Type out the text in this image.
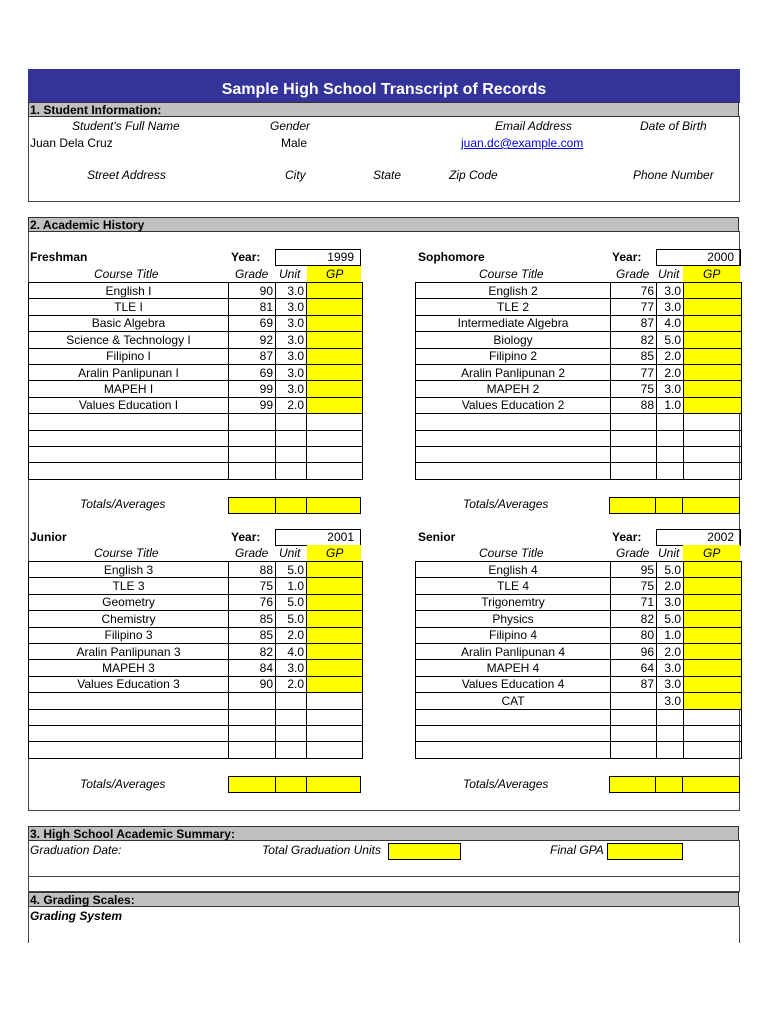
Sample High School Transcript of Records
1. Student Information:
Student's Full Name	Gender	Email Address	Date of Birth
Juan Dela Cruz	Male	juan.dc@example.com
Street Address	City	State	Zip Code	Phone Number
2. Academic History
Freshman	Year:	1999
Course Title	Grade Unit GP
English I	90	3.0	
TLE I	81	3.0	
Basic Algebra	69	3.0	
Science & Technology I	92	3.0	
Filipino I	87	3.0	
Aralin Panlipunan I	69	3.0	
MAPEH I	99	3.0	
Values Education I	99	2.0	

Totals/Averages
Sophomore	Year:	2000
Course Title	Grade Unit GP
English 2	76	3.0	
TLE 2	77	3.0	
Intermediate Algebra	87	4.0	
Biology	82	5.0	
Filipino 2	85	2.0	
Aralin Panlipunan 2	77	2.0	
MAPEH 2	75	3.0	
Values Education 2	88	1.0	

Totals/Averages
Junior	Year:	2001
Course Title	Grade Unit GP
English 3	88	5.0	
TLE 3	75	1.0	
Geometry	76	5.0	
Chemistry	85	5.0	
Filipino 3	85	2.0	
Aralin Panlipunan 3	82	4.0	
MAPEH 3	84	3.0	
Values Education 3	90	2.0	

Totals/Averages
Senior	Year:	2002
Course Title	Grade Unit GP
English 4	95	5.0	
TLE 4	75	2.0	
Trigonemtry	71	3.0	
Physics	82	5.0	
Filipino 4	80	1.0	
Aralin Panlipunan 4	96	2.0	
MAPEH 4	64	3.0	
Values Education 4	87	3.0	
CAT		3.0	

Totals/Averages
3. High School Academic Summary:
Graduation Date:	Total Graduation Units	Final GPA
4. Grading Scales:
Grading System
